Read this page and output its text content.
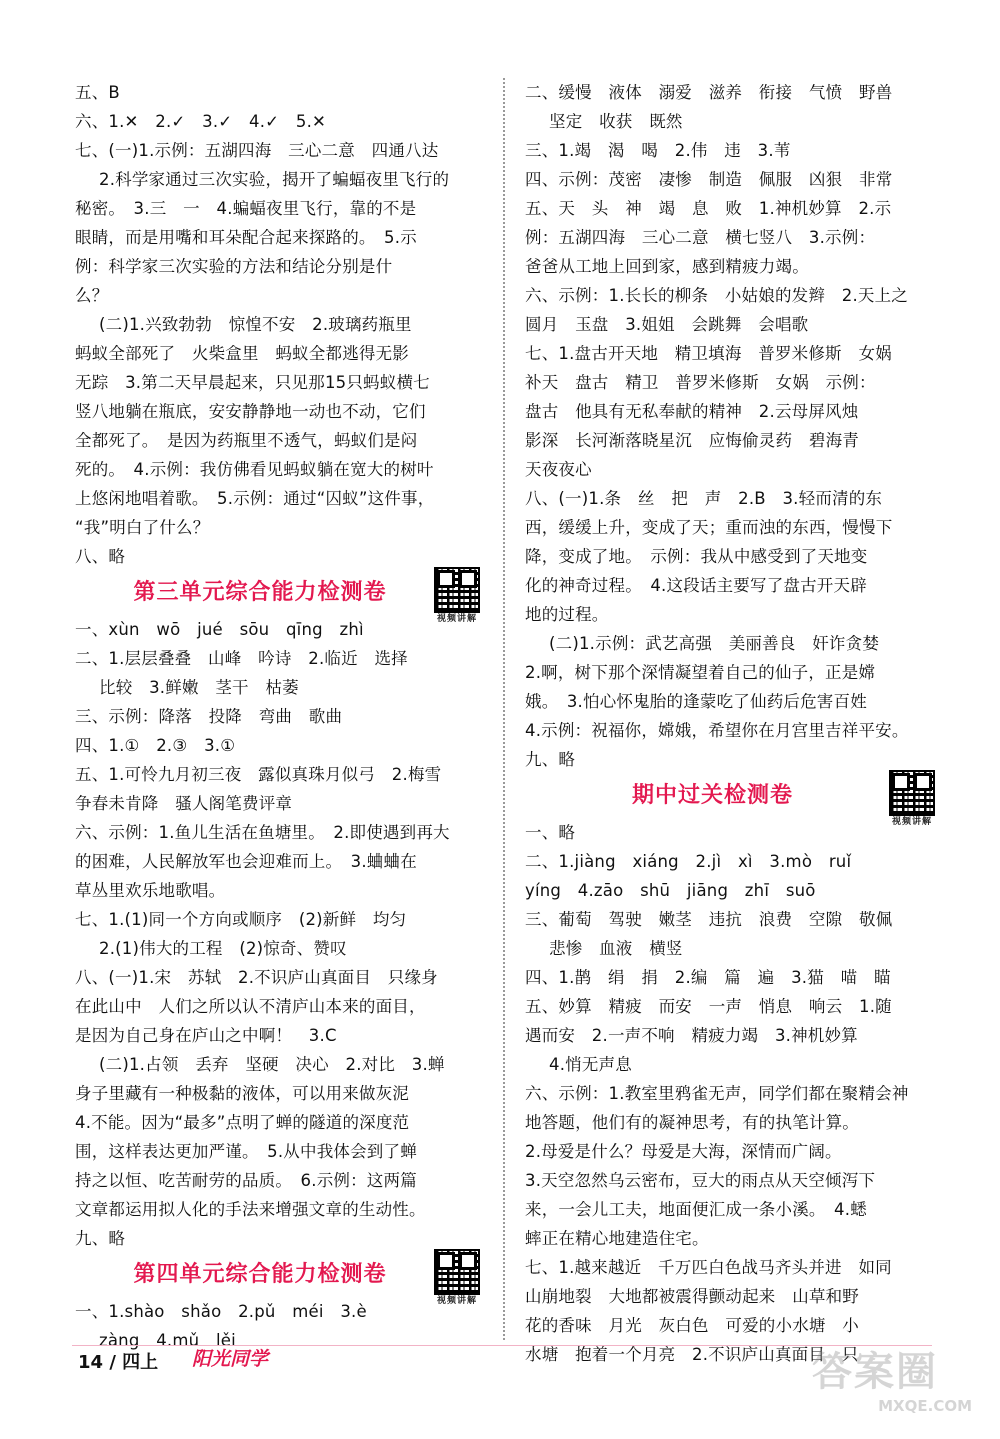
五、B
六、1.✕　2.✓　3.✓　4.✓　5.✕
七、(一)1.示例：五湖四海　三心二意　四通八达
2.科学家通过三次实验，揭开了蝙蝠夜里飞行的
秘密。　3.三　一　4.蝙蝠夜里飞行，靠的不是
眼睛，而是用嘴和耳朵配合起来探路的。　5.示
例：科学家三次实验的方法和结论分别是什
么？
(二)1.兴致勃勃　惊惶不安　2.玻璃药瓶里
蚂蚁全部死了　火柴盒里　蚂蚁全都逃得无影
无踪　3.第二天早晨起来，只见那15只蚂蚁横七
竖八地躺在瓶底，安安静静地一动也不动，它们
全都死了。　是因为药瓶里不透气，蚂蚁们是闷
死的。　4.示例：我仿佛看见蚂蚁躺在宽大的树叶
上悠闲地唱着歌。　5.示例：通过“囚蚁”这件事，
“我”明白了什么？
八、略
第三单元综合能力检测卷
视频讲解
一、xùn　wō　jué　sōu　qīng　zhì
二、1.层层叠叠　山峰　吟诗　2.临近　选择
比较　3.鲜嫩　茎干　枯萎
三、示例：降落　投降　弯曲　歌曲
四、1.①　2.③　3.①
五、1.可怜九月初三夜　露似真珠月似弓　2.梅雪
争春未肯降　骚人阁笔费评章
六、示例：1.鱼儿生活在鱼塘里。　2.即使遇到再大
的困难，人民解放军也会迎难而上。　3.蛐蛐在
草丛里欢乐地歌唱。
七、1.(1)同一个方向或顺序　(2)新鲜　均匀
2.(1)伟大的工程　(2)惊奇、赞叹
八、(一)1.宋　苏轼　2.不识庐山真面目　只缘身
在此山中　人们之所以认不清庐山本来的面目，
是因为自己身在庐山之中啊！　3.C
(二)1.占领　丢弃　坚硬　决心　2.对比　3.蝉
身子里藏有一种极黏的液体，可以用来做灰泥
4.不能。因为“最多”点明了蝉的隧道的深度范
围，这样表达更加严谨。　5.从中我体会到了蝉
持之以恒、吃苦耐劳的品质。　6.示例：这两篇
文章都运用拟人化的手法来增强文章的生动性。
九、略
第四单元综合能力检测卷
视频讲解
一、1.shào　shǎo　2.pǔ　méi　3.è
zàng　4.mǔ　lěi
二、缓慢　液体　溺爱　滋养　衔接　气愤　野兽
坚定　收获　既然
三、1.竭　渴　喝　2.伟　违　3.苇
四、示例：茂密　凄惨　制造　佩服　凶狠　非常
五、天　头　神　竭　息　败　1.神机妙算　2.示
例：五湖四海　三心二意　横七竖八　3.示例：
爸爸从工地上回到家，感到精疲力竭。
六、示例：1.长长的柳条　小姑娘的发辫　2.天上之
圆月　玉盘　3.姐姐　会跳舞　会唱歌
七、1.盘古开天地　精卫填海　普罗米修斯　女娲
补天　盘古　精卫　普罗米修斯　女娲　示例：
盘古　他具有无私奉献的精神　2.云母屏风烛
影深　长河渐落晓星沉　应悔偷灵药　碧海青
天夜夜心
八、(一)1.条　丝　把　声　2.B　3.轻而清的东
西，缓缓上升，变成了天；重而浊的东西，慢慢下
降，变成了地。　示例：我从中感受到了天地变
化的神奇过程。　4.这段话主要写了盘古开天辟
地的过程。
(二)1.示例：武艺高强　美丽善良　奸诈贪婪
2.啊，树下那个深情凝望着自己的仙子，正是嫦
娥。　3.怕心怀鬼胎的逢蒙吃了仙药后危害百姓
4.示例：祝福你，嫦娥，希望你在月宫里吉祥平安。
九、略
期中过关检测卷
视频讲解
一、略
二、1.jiàng　xiáng　2.jì　xì　3.mò　ruǐ
yíng　4.zāo　shū　jiāng　zhī　suō
三、葡萄　驾驶　嫩茎　违抗　浪费　空隙　敬佩
悲惨　血液　横竖
四、1.鹊　绢　捐　2.编　篇　遍　3.猫　喵　瞄
五、妙算　精疲　而安　一声　悄息　响云　1.随
遇而安　2.一声不响　精疲力竭　3.神机妙算
4.悄无声息
六、示例：1.教室里鸦雀无声，同学们都在聚精会神
地答题，他们有的凝神思考，有的执笔计算。
2.母爱是什么？母爱是大海，深情而广阔。
3.天空忽然乌云密布，豆大的雨点从天空倾泻下
来，一会儿工夫，地面便汇成一条小溪。　4.蟋
蟀正在精心地建造住宅。
七、1.越来越近　千万匹白色战马齐头并进　如同
山崩地裂　大地都被震得颤动起来　山草和野
花的香味　月光　灰白色　可爱的小水塘　小
水塘　抱着一个月亮　2.不识庐山真面目　只
14 / 四上 阳光同学	答案圈
MXQE.COM
